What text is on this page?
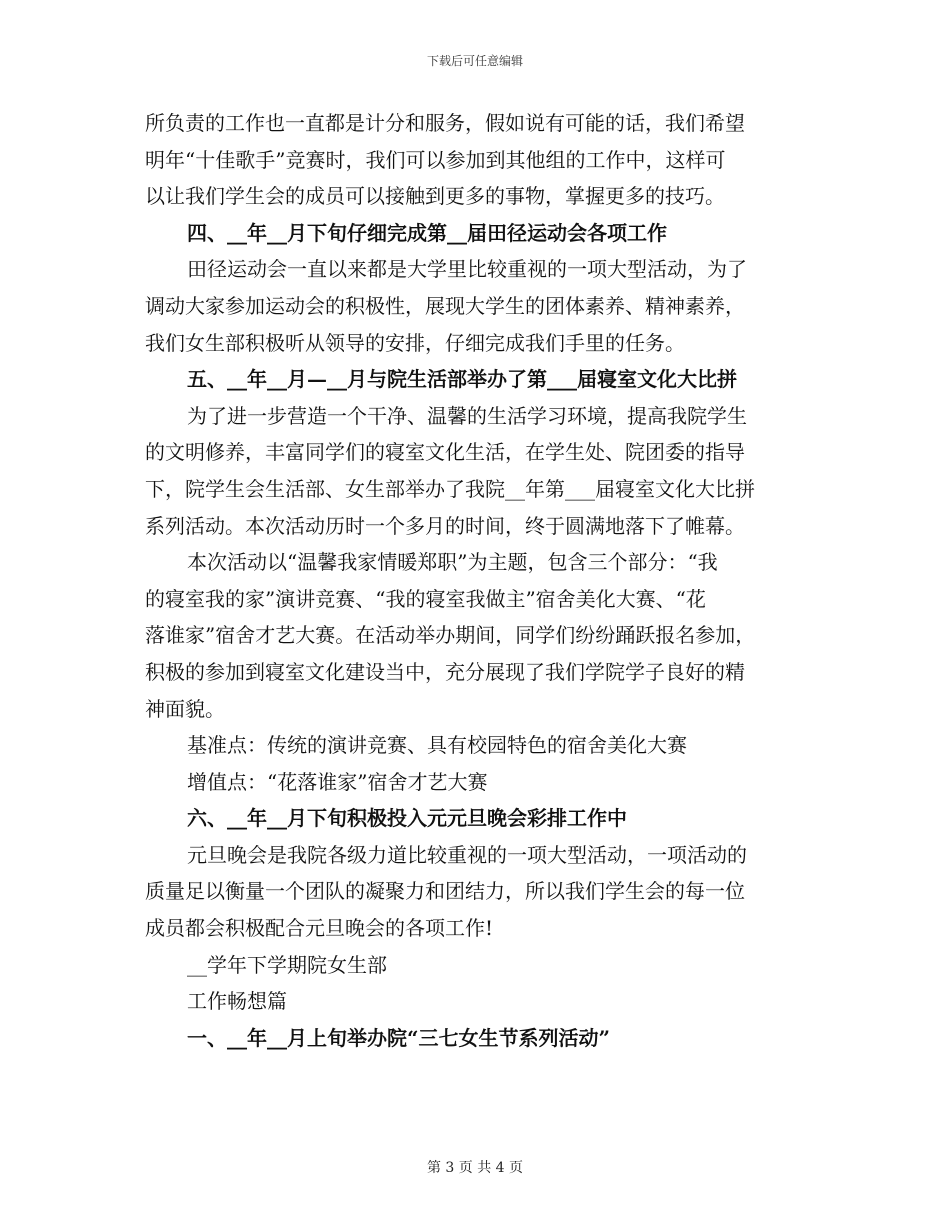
下载后可任意编辑
所负责的工作也一直都是计分和服务，假如说有可能的话，我们希望
明年“十佳歌手”竞赛时，我们可以参加到其他组的工作中，这样可
以让我们学生会的成员可以接触到更多的事物，掌握更多的技巧。
四、__年__月下旬仔细完成第__届田径运动会各项工作
田径运动会一直以来都是大学里比较重视的一项大型活动，为了
调动大家参加运动会的积极性，展现大学生的团体素养、精神素养，
我们女生部积极听从领导的安排，仔细完成我们手里的任务。
五、__年__月—__月与院生活部举办了第___届寝室文化大比拼
为了进一步营造一个干净、温馨的生活学习环境，提高我院学生
的文明修养，丰富同学们的寝室文化生活，在学生处、院团委的指导
下，院学生会生活部、女生部举办了我院__年第___届寝室文化大比拼
系列活动。本次活动历时一个多月的时间，终于圆满地落下了帷幕。
本次活动以“温馨我家情暖郑职”为主题，包含三个部分：“我
的寝室我的家”演讲竞赛、“我的寝室我做主”宿舍美化大赛、“花
落谁家”宿舍才艺大赛。在活动举办期间，同学们纷纷踊跃报名参加，
积极的参加到寝室文化建设当中，充分展现了我们学院学子良好的精
神面貌。
基准点：传统的演讲竞赛、具有校园特色的宿舍美化大赛
增值点：“花落谁家”宿舍才艺大赛
六、__年__月下旬积极投入元元旦晚会彩排工作中
元旦晚会是我院各级力道比较重视的一项大型活动，一项活动的
质量足以衡量一个团队的凝聚力和团结力，所以我们学生会的每一位
成员都会积极配合元旦晚会的各项工作!
__学年下学期院女生部
工作畅想篇
一、__年__月上旬举办院“三七女生节系列活动”
第 3 页 共 4 页
